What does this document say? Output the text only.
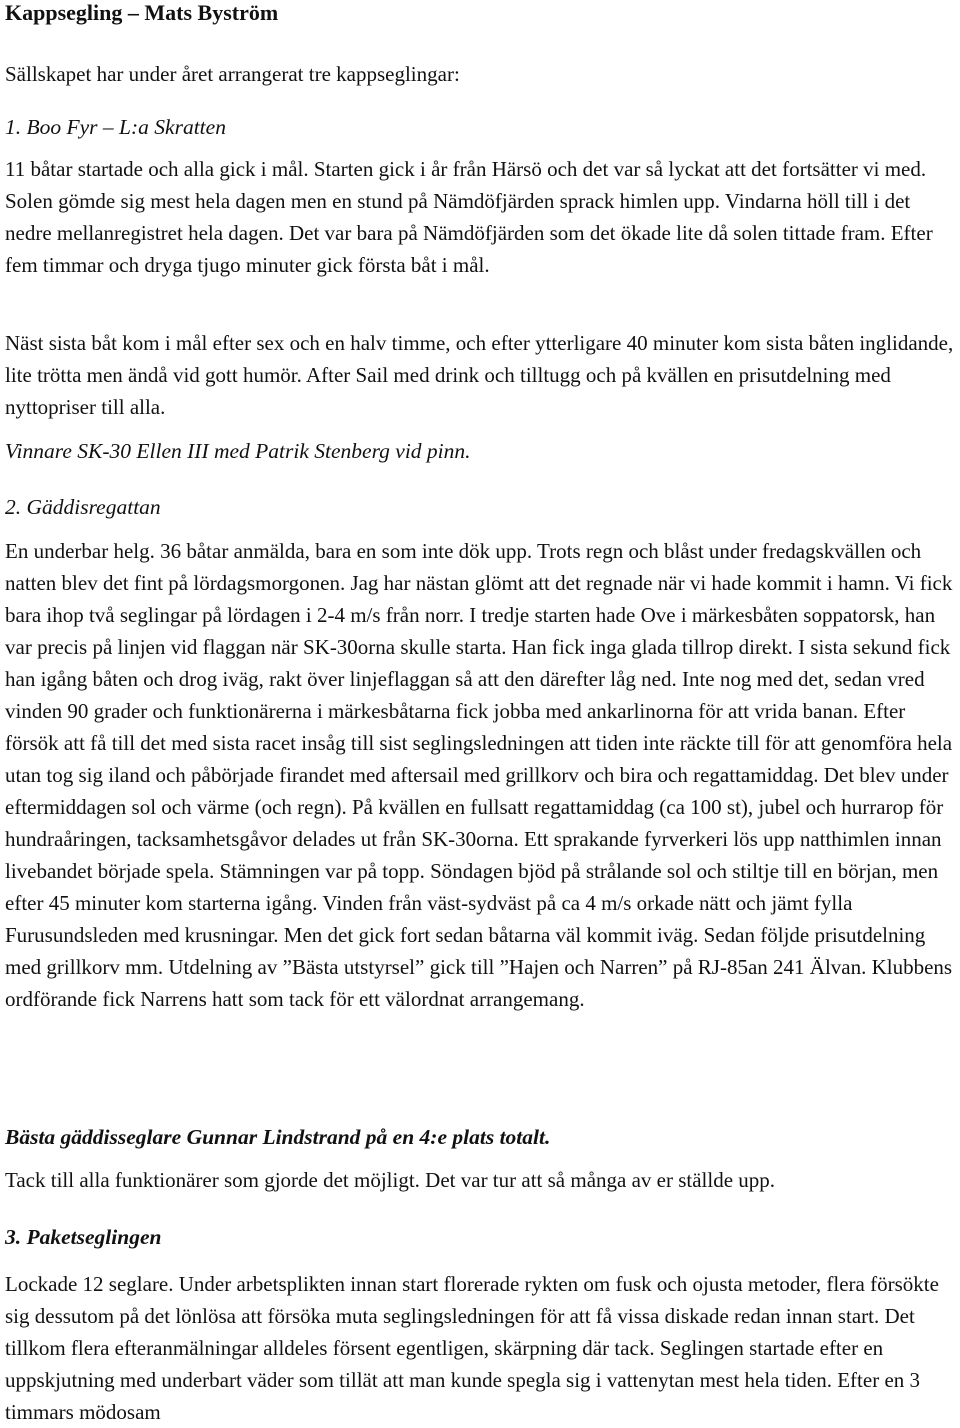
Kappsegling – Mats Byström

Sällskapet har under året arrangerat tre kappseglingar:

1. Boo Fyr – L:a Skratten

11 båtar startade och alla gick i mål. Starten gick i år från Härsö och det var så lyckat att det fortsätter vi med. Solen gömde sig mest hela dagen men en stund på Nämdöfjärden sprack himlen upp. Vindarna höll till i det nedre mellanregistret hela dagen. Det var bara på Nämdöfjärden som det ökade lite då solen tittade fram. Efter fem timmar och dryga tjugo minuter gick första båt i mål.

Näst sista båt kom i mål efter sex och en halv timme, och efter ytterligare 40 minuter kom sista båten inglidande, lite trötta men ändå vid gott humör. After Sail med drink och tilltugg och på kvällen en prisutdelning med nyttopriser till alla.

Vinnare SK-30 Ellen III med Patrik Stenberg vid pinn.
2. Gäddisregattan

En underbar helg. 36 båtar anmälda, bara en som inte dök upp. Trots regn och blåst under fredagskvällen och natten blev det fint på lördagsmorgonen. Jag har nästan glömt att det regnade när vi hade kommit i hamn. Vi fick bara ihop två seglingar på lördagen i 2-4 m/s från norr. I tredje starten hade Ove i märkesbåten soppatorsk, han var precis på linjen vid flaggan när SK-30orna skulle starta. Han fick inga glada tillrop direkt. I sista sekund fick han igång båten och drog iväg, rakt över linjeflaggan så att den därefter låg ned. Inte nog med det, sedan vred vinden 90 grader och funktionärerna i märkesbåtarna fick jobba med ankarlinorna för att vrida banan. Efter försök att få till det med sista racet insåg till sist seglingsledningen att tiden inte räckte till för att genomföra hela utan tog sig iland och påbörjade firandet med aftersail med grillkorv och bira och regattamiddag. Det blev under eftermiddagen sol och värme (och regn). På kvällen en fullsatt regattamiddag (ca 100 st), jubel och hurrarop för hundraåringen, tacksamhetsgåvor delades ut från SK-30orna. Ett sprakande fyrverkeri lös upp natthimlen innan livebandet började spela. Stämningen var på topp. Söndagen bjöd på strålande sol och stiltje till en början, men efter 45 minuter kom starterna igång. Vinden från väst-sydväst på ca 4 m/s orkade nätt och jämt fylla Furusundsleden med krusningar. Men det gick fort sedan båtarna väl kommit iväg. Sedan följde prisutdelning med grillkorv mm. Utdelning av ”Bästa utstyrsel” gick till ”Hajen och Narren” på RJ-85an 241 Älvan. Klubbens ordförande fick Narrens hatt som tack för ett välordnat arrangemang.

Bästa gäddisseglare Gunnar Lindstrand på en 4:e plats totalt.

Tack till alla funktionärer som gjorde det möjligt. Det var tur att så många av er ställde upp.

3. Paketseglingen

Lockade 12 seglare. Under arbetsplikten innan start florerade rykten om fusk och ojusta metoder, flera försökte sig dessutom på det lönlösa att försöka muta seglingsledningen för att få vissa diskade redan innan start. Det tillkom flera efteranmälningar alldeles försent egentligen, skärpning där tack. Seglingen startade efter en uppskjutning med underbart väder som tillät att man kunde spegla sig i vattenytan mest hela tiden. Efter en 3 timmars mödosam
